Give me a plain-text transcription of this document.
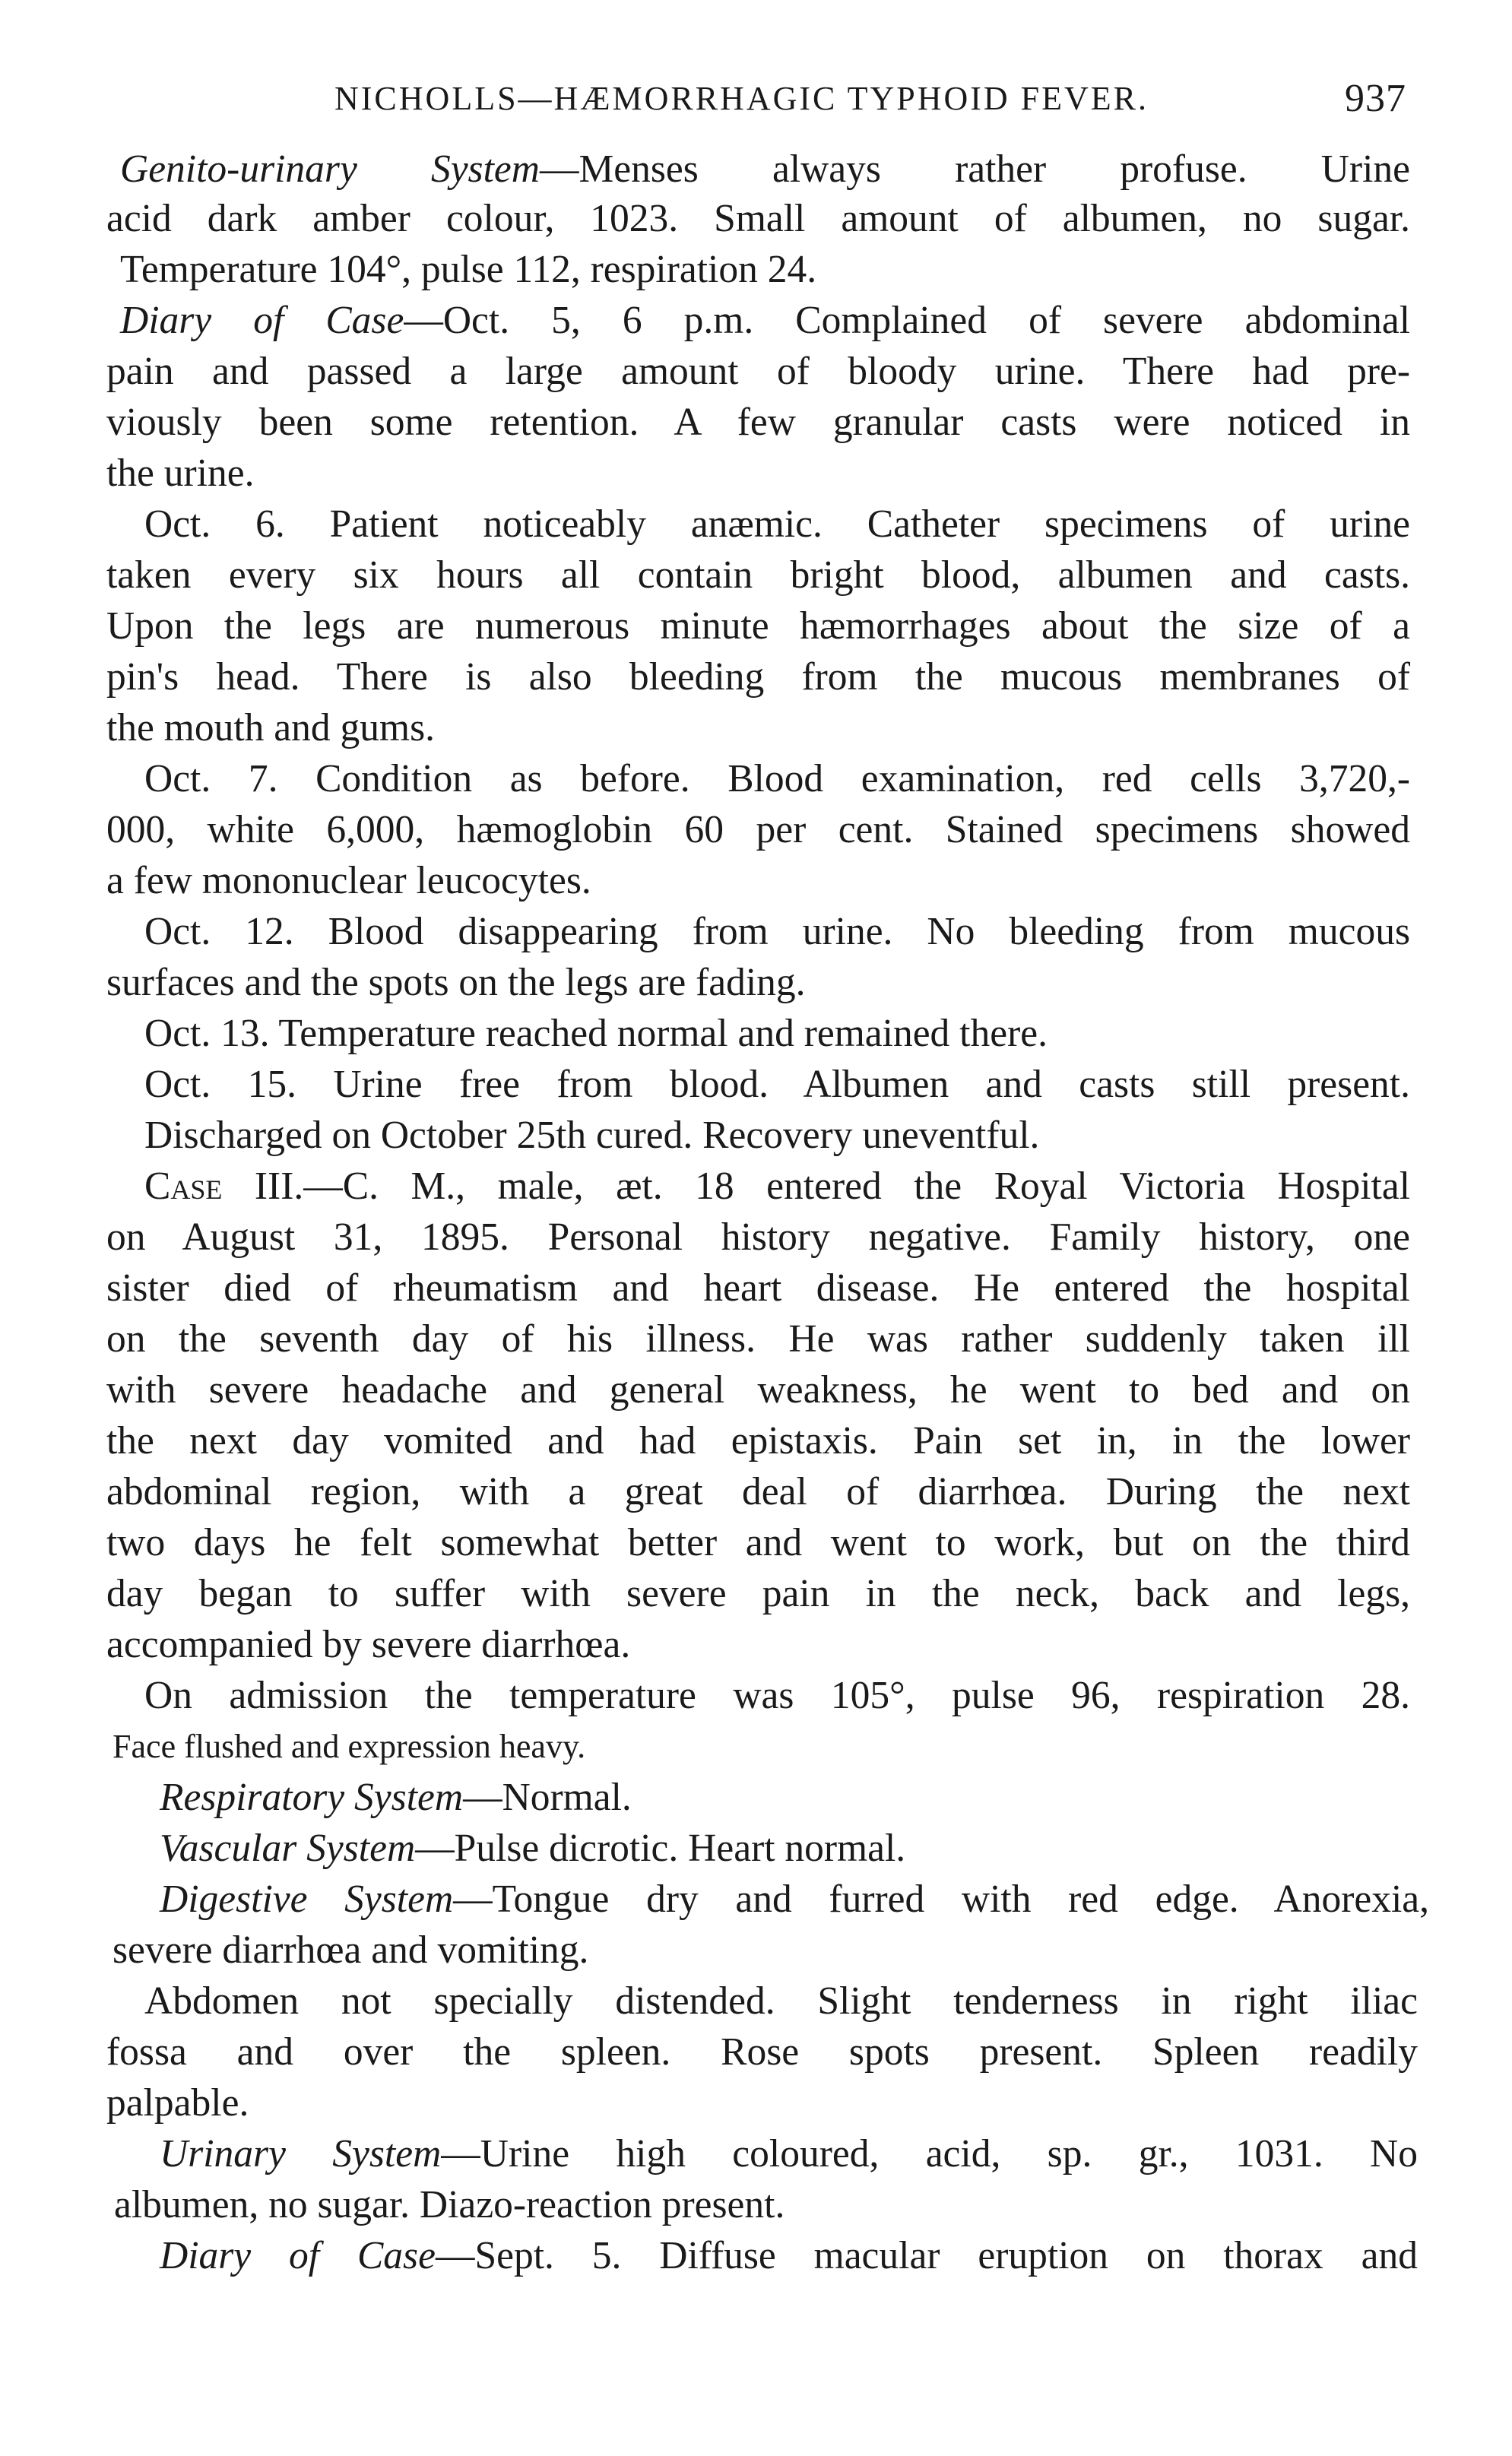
NICHOLLS—HÆMORRHAGIC TYPHOID FEVER.	937
Genito-urinary System—Menses always rather profuse. Urine
acid dark amber colour, 1023. Small amount of albumen, no sugar.
Temperature 104°, pulse 112, respiration 24.
Diary of Case—Oct. 5, 6 p.m. Complained of severe abdominal
pain and passed a large amount of bloody urine. There had pre-
viously been some retention. A few granular casts were noticed in
the urine.
Oct. 6. Patient noticeably anæmic. Catheter specimens of urine
taken every six hours all contain bright blood, albumen and casts.
Upon the legs are numerous minute hæmorrhages about the size of a
pin's head. There is also bleeding from the mucous membranes of
the mouth and gums.
Oct. 7. Condition as before. Blood examination, red cells 3,720,-
000, white 6,000, hæmoglobin 60 per cent. Stained specimens showed
a few mononuclear leucocytes.
Oct. 12. Blood disappearing from urine. No bleeding from mucous
surfaces and the spots on the legs are fading.
Oct. 13. Temperature reached normal and remained there.
Oct. 15. Urine free from blood. Albumen and casts still present.
Discharged on October 25th cured. Recovery uneventful.
Case III.—C. M., male, æt. 18 entered the Royal Victoria Hospital
on August 31, 1895. Personal history negative. Family history, one
sister died of rheumatism and heart disease. He entered the hospital
on the seventh day of his illness. He was rather suddenly taken ill
with severe headache and general weakness, he went to bed and on
the next day vomited and had epistaxis. Pain set in, in the lower
abdominal region, with a great deal of diarrhœa. During the next
two days he felt somewhat better and went to work, but on the third
day began to suffer with severe pain in the neck, back and legs,
accompanied by severe diarrhœa.
On admission the temperature was 105°, pulse 96, respiration 28.
Face flushed and expression heavy.
Respiratory System—Normal.
Vascular System—Pulse dicrotic. Heart normal.
Digestive System—Tongue dry and furred with red edge. Anorexia,
severe diarrhœa and vomiting.
Abdomen not specially distended. Slight tenderness in right iliac
fossa and over the spleen. Rose spots present. Spleen readily
palpable.
Urinary System—Urine high coloured, acid, sp. gr., 1031. No
albumen, no sugar. Diazo-reaction present.
Diary of Case—Sept. 5. Diffuse macular eruption on thorax and
